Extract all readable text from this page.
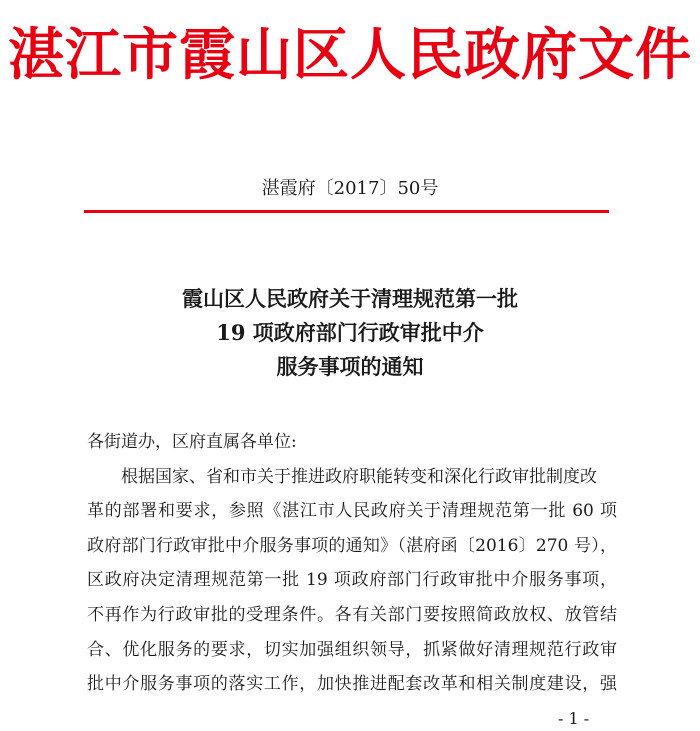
湛江市霞山区人民政府文件
湛霞府〔2017〕50号
霞山区人民政府关于清理规范第一批
19 项政府部门行政审批中介
服务事项的通知
各街道办，区府直属各单位:
根据国家、省和市关于推进政府职能转变和深化行政审批制度改
革的部署和要求，参照《湛江市人民政府关于清理规范第一批 60 项
政府部门行政审批中介服务事项的通知》（湛府函〔2016〕270 号），
区政府决定清理规范第一批 19 项政府部门行政审批中介服务事项，
不再作为行政审批的受理条件。各有关部门要按照简政放权、放管结
合、优化服务的要求，切实加强组织领导，抓紧做好清理规范行政审
批中介服务事项的落实工作，加快推进配套改革和相关制度建设，强
- 1 -
